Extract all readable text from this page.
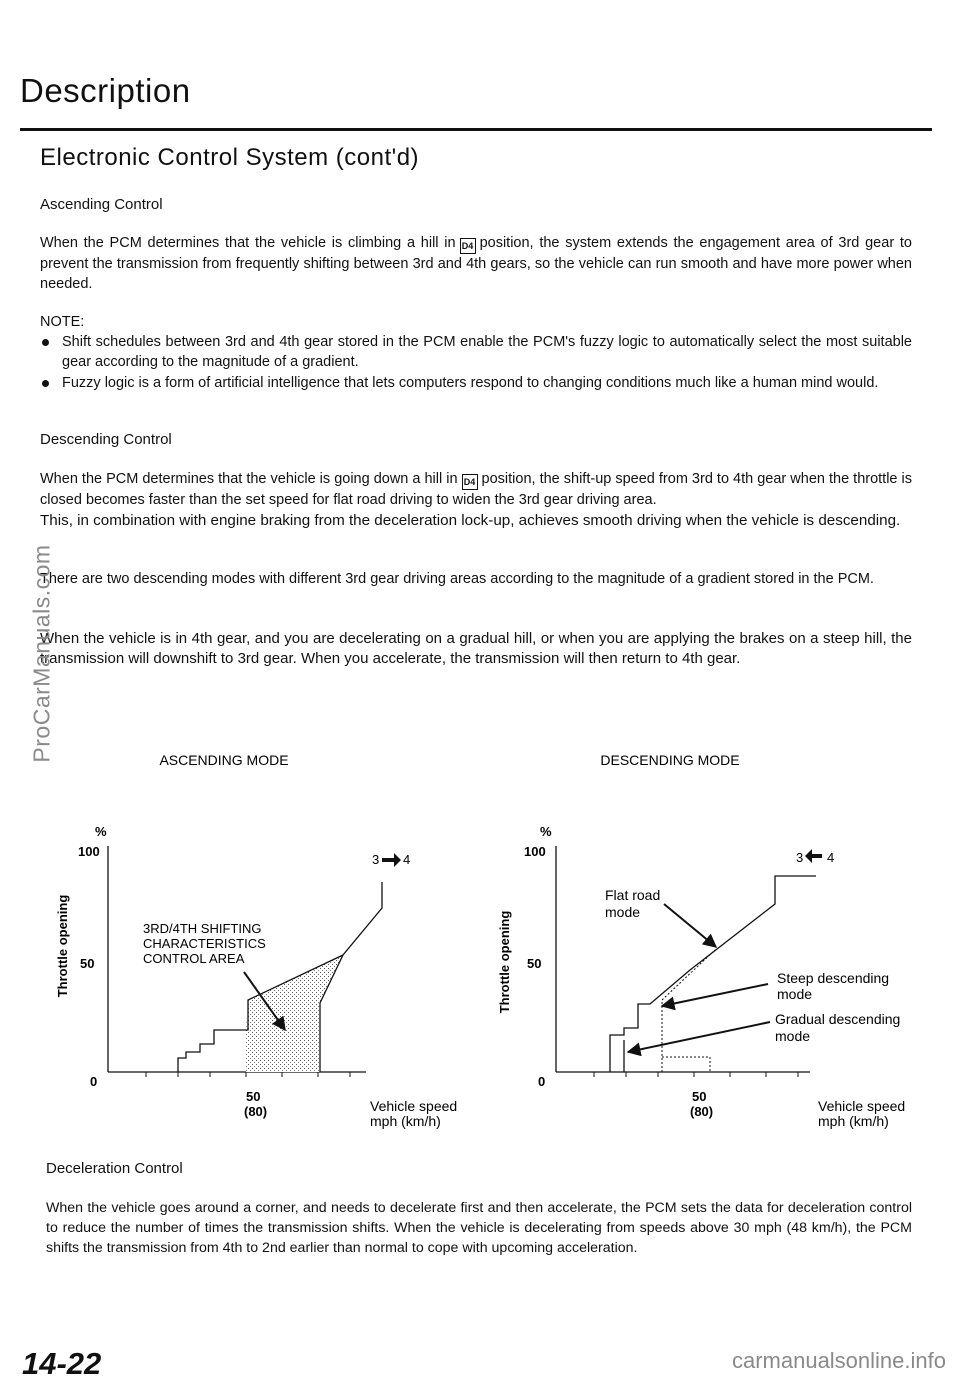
Description
Electronic Control System (cont'd)
Ascending Control
When the PCM determines that the vehicle is climbing a hill in D4 position, the system extends the engagement area of 3rd gear to prevent the transmission from frequently shifting between 3rd and 4th gears, so the vehicle can run smooth and have more power when needed.
NOTE:
Shift schedules between 3rd and 4th gear stored in the PCM enable the PCM's fuzzy logic to automatically select the most suitable gear according to the magnitude of a gradient.
Fuzzy logic is a form of artificial intelligence that lets computers respond to changing conditions much like a human mind would.
Descending Control
When the PCM determines that the vehicle is going down a hill in D4 position, the shift-up speed from 3rd to 4th gear when the throttle is closed becomes faster than the set speed for flat road driving to widen the 3rd gear driving area.
This, in combination with engine braking from the deceleration lock-up, achieves smooth driving when the vehicle is descending.
There are two descending modes with different 3rd gear driving areas according to the magnitude of a gradient stored in the PCM.
When the vehicle is in 4th gear, and you are decelerating on a gradual hill, or when you are applying the brakes on a steep hill, the transmission will downshift to 3rd gear. When you accelerate, the transmission will then return to 4th gear.
ASCENDING MODE
%
100
50
0
Throttle opening
50
(80)	Vehicle speed
mph (km/h)
3 4
3RD/4TH SHIFTING
CHARACTERISTICS
CONTROL AREA
DESCENDING MODE
%
100
50
0
Throttle opening
50
(80)	Vehicle speed
mph (km/h)
3 4
Flat road
mode
Steep descending
mode
Gradual descending
mode
Deceleration Control
When the vehicle goes around a corner, and needs to decelerate first and then accelerate, the PCM sets the data for deceleration control to reduce the number of times the transmission shifts. When the vehicle is decelerating from speeds above 30 mph (48 km/h), the PCM shifts the transmission from 4th to 2nd earlier than normal to cope with upcoming acceleration.
14-22	carmanualsonline.info
ProCarManuals.com
